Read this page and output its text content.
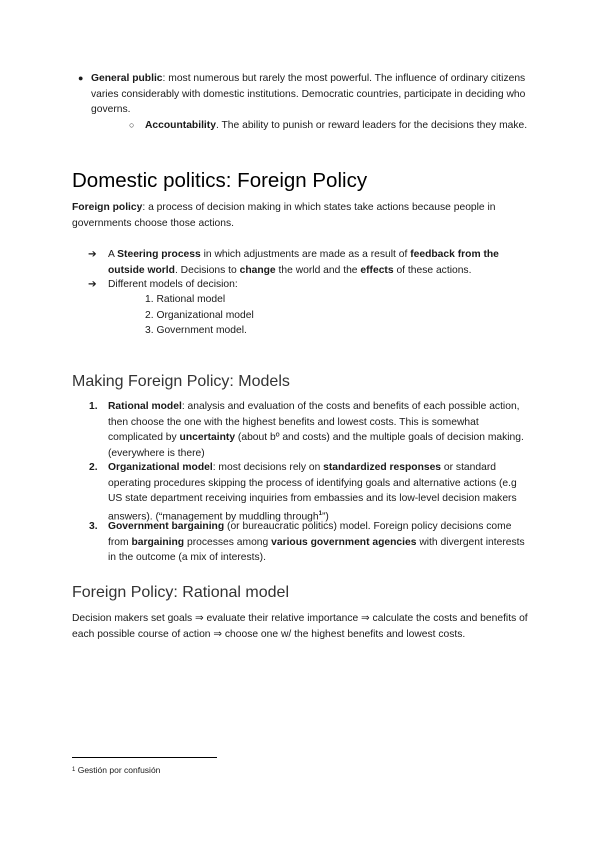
● General public: most numerous but rarely the most powerful. The influence of ordinary citizens varies considerably with domestic institutions. Democratic countries, participate in deciding who governs.
○ Accountability. The ability to punish or reward leaders for the decisions they make.
Domestic politics: Foreign Policy
Foreign policy: a process of decision making in which states take actions because people in governments choose those actions.
➔	A Steering process in which adjustments are made as a result of feedback from the outside world. Decisions to change the world and the effects of these actions.
➔	Different models of decision:
1. Rational model
2. Organizational model
3. Government model.
Making Foreign Policy: Models
1. Rational model: analysis and evaluation of the costs and benefits of each possible action, then choose the one with the highest benefits and lowest costs. This is somewhat complicated by uncertainty (about bº and costs) and the multiple goals of decision making. (everywhere is there)
2. Organizational model: most decisions rely on standardized responses or standard operating procedures skipping the process of identifying goals and alternative actions (e.g US state department receiving inquiries from embassies and its low-level decision makers answers). (“management by muddling through$^1$”)
3. Government bargaining (or bureaucratic politics) model. Foreign policy decisions come from bargaining processes among various government agencies with divergent interests in the outcome (a mix of interests).
Foreign Policy: Rational model
Decision makers set goals ⇒ evaluate their relative importance ⇒ calculate the costs and benefits of each possible course of action ⇒ choose one w/ the highest benefits and lowest costs.
$^1$ Gestión por confusión
